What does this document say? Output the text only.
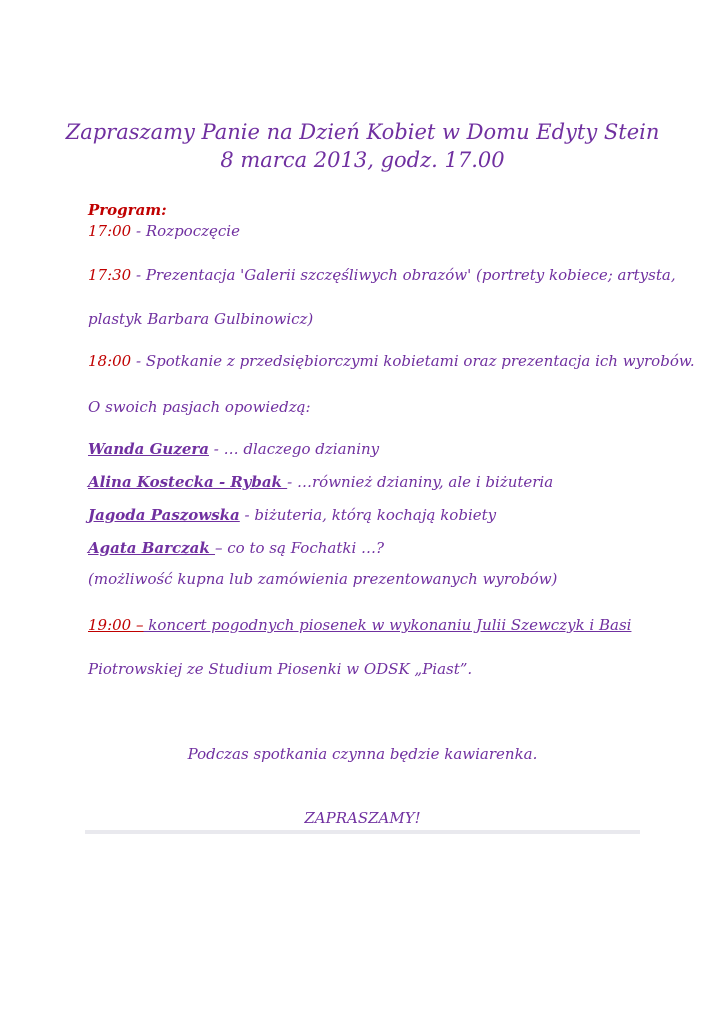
Zapraszamy Panie na Dzień Kobiet w Domu Edyty Stein
8 marca 2013, godz. 17.00
Program:
17:00 - Rozpoczęcie
17:30 - Prezentacja 'Galerii szczęśliwych obrazów' (portrety kobiece; artysta,
plastyk Barbara Gulbinowicz)
18:00 - Spotkanie z przedsiębiorczymi kobietami oraz prezentacja ich wyrobów.
O swoich pasjach opowiedzą:
Wanda Guzera - … dlaczego dzianiny
Alina Kostecka - Rybak - …również dzianiny, ale i biżuteria
Jagoda Paszowska - biżuteria, którą kochają kobiety
Agata Barczak – co to są Fochatki …?
(możliwość kupna lub zamówienia prezentowanych wyrobów)
19:00 – koncert pogodnych piosenek w wykonaniu Julii Szewczyk i Basi
Piotrowskiej ze Studium Piosenki w ODSK „Piast”.
Podczas spotkania czynna będzie kawiarenka.
ZAPRASZAMY!
